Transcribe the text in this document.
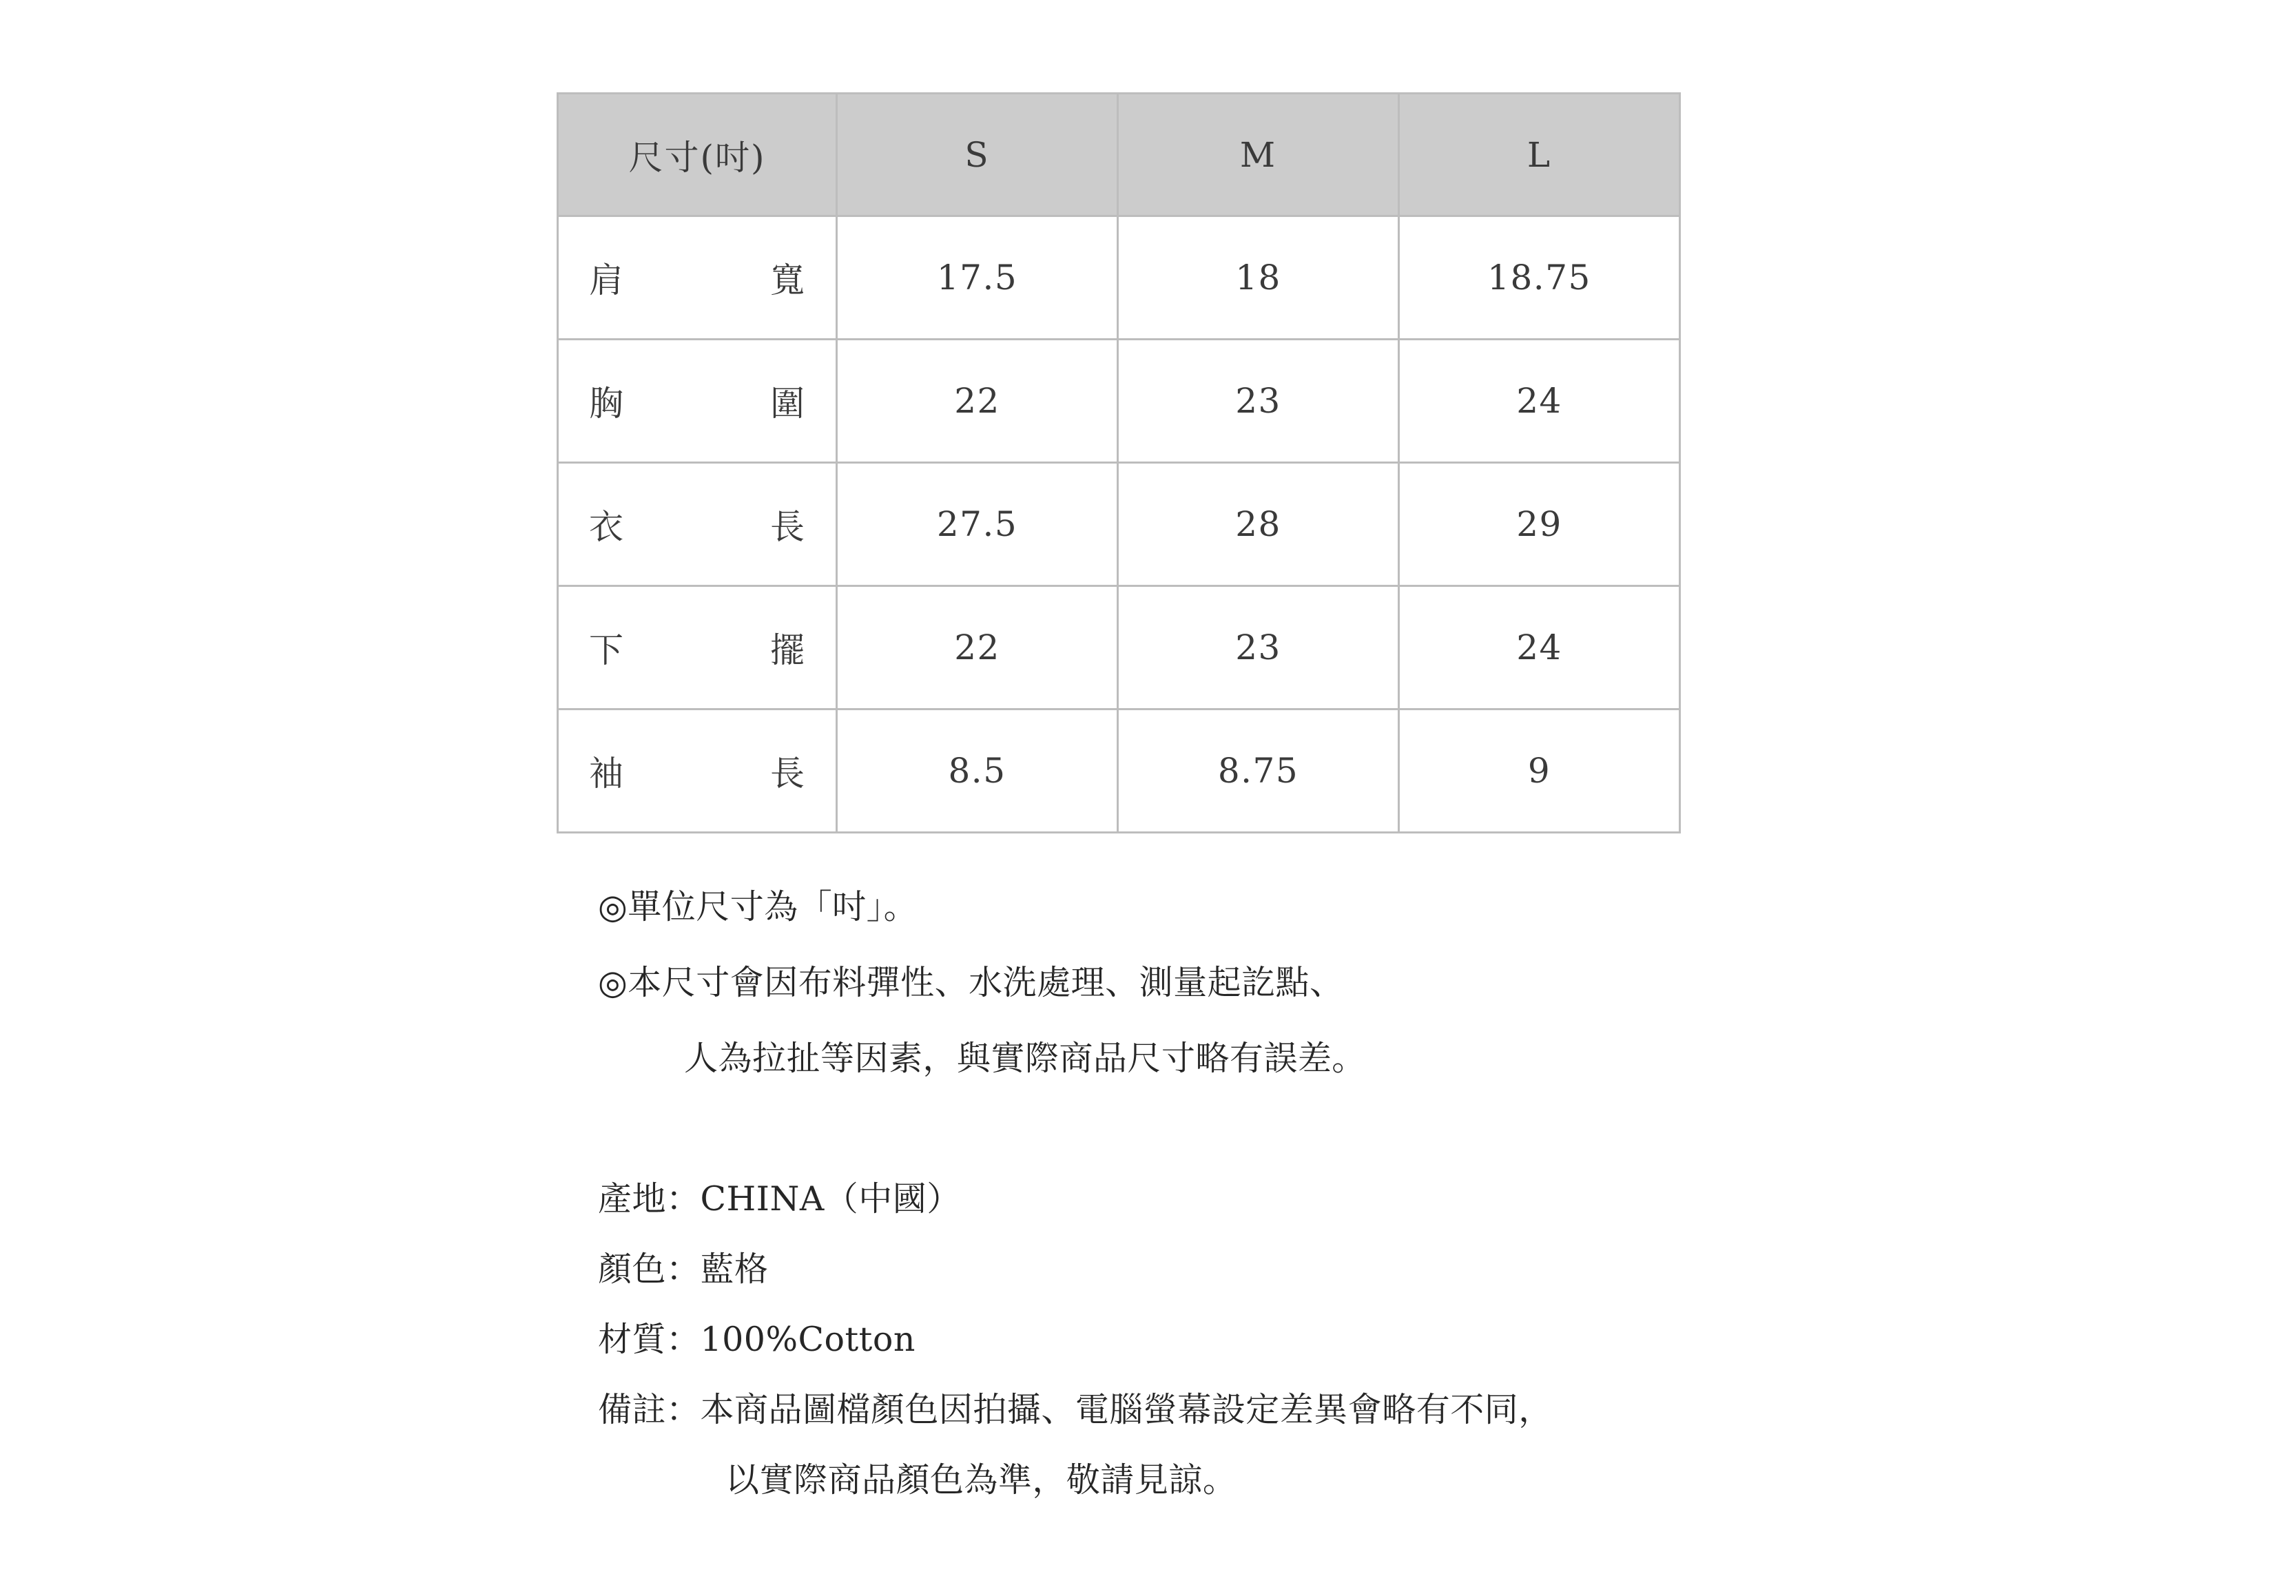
尺寸(吋)	S	M	L

肩 寬	17.5	18	18.75

胸 圍	22	23	24

衣 長	27.5	28	29

下 擺	22	23	24

袖 長	8.5	8.75	9
◎單位尺寸為「吋」。
◎本尺寸會因布料彈性、水洗處理、測量起訖點、
人為拉扯等因素，與實際商品尺寸略有誤差。
產地：CHINA（中國）
顏色：藍格
材質：100%Cotton
備註：本商品圖檔顏色因拍攝、電腦螢幕設定差異會略有不同，
以實際商品顏色為準，敬請見諒。
